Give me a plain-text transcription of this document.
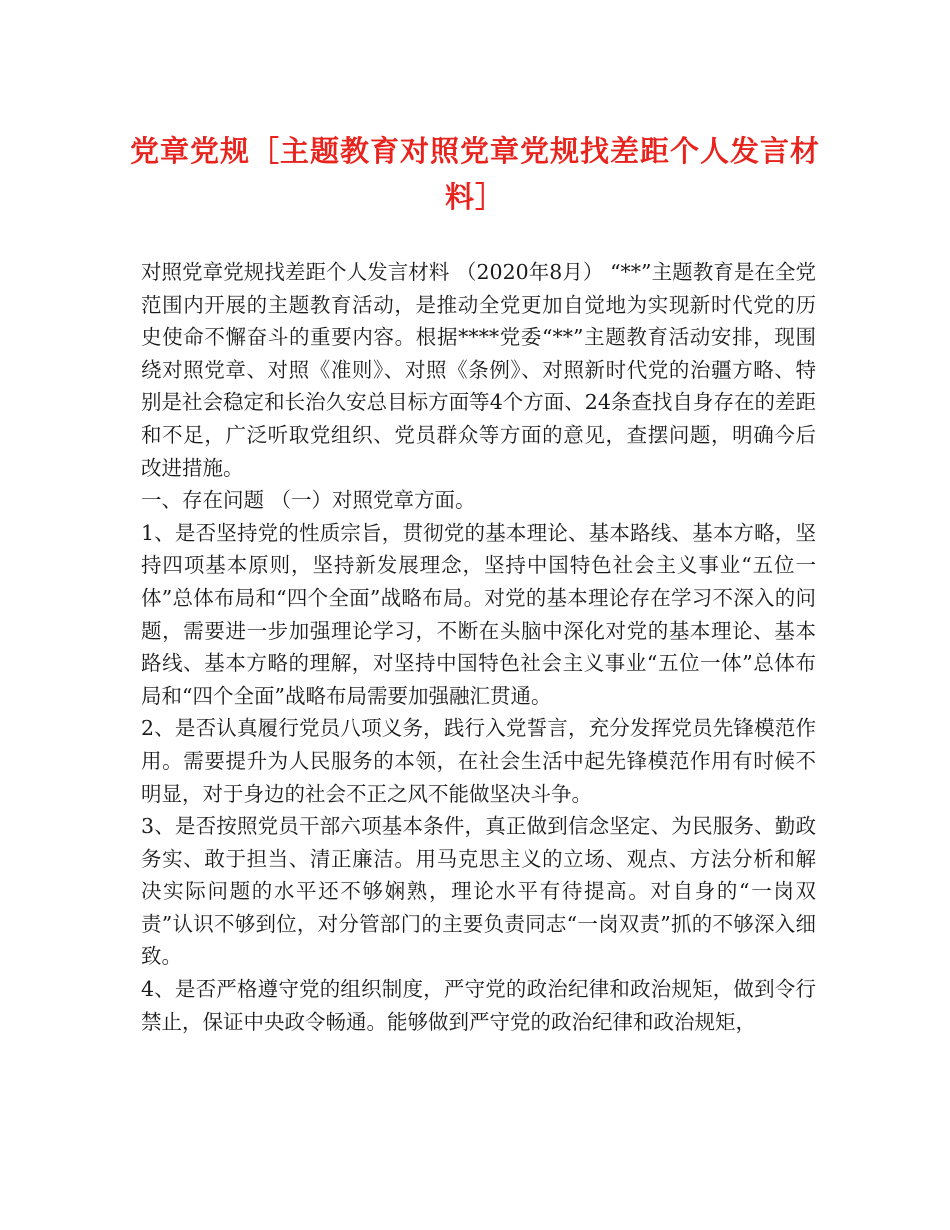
党章党规［主题教育对照党章党规找差距个人发言材料］

对照党章党规找差距个人发言材料 （2020年8月） “**”主题教育是在全党范围内开展的主题教育活动，是推动全党更加自觉地为实现新时代党的历史使命不懈奋斗的重要内容。根据****党委“**”主题教育活动安排，现围绕对照党章、对照《准则》、对照《条例》、对照新时代党的治疆方略、特别是社会稳定和长治久安总目标方面等4个方面、24条查找自身存在的差距和不足，广泛听取党组织、党员群众等方面的意见，查摆问题，明确今后改进措施。

一、存在问题 （一）对照党章方面。

1、是否坚持党的性质宗旨，贯彻党的基本理论、基本路线、基本方略，坚持四项基本原则，坚持新发展理念，坚持中国特色社会主义事业“五位一体”总体布局和“四个全面”战略布局。对党的基本理论存在学习不深入的问题，需要进一步加强理论学习，不断在头脑中深化对党的基本理论、基本路线、基本方略的理解，对坚持中国特色社会主义事业“五位一体”总体布局和“四个全面”战略布局需要加强融汇贯通。

2、是否认真履行党员八项义务，践行入党誓言，充分发挥党员先锋模范作用。需要提升为人民服务的本领，在社会生活中起先锋模范作用有时候不明显，对于身边的社会不正之风不能做坚决斗争。

3、是否按照党员干部六项基本条件，真正做到信念坚定、为民服务、勤政务实、敢于担当、清正廉洁。用马克思主义的立场、观点、方法分析和解决实际问题的水平还不够娴熟，理论水平有待提高。对自身的“一岗双责”认识不够到位，对分管部门的主要负责同志“一岗双责”抓的不够深入细致。

4、是否严格遵守党的组织制度，严守党的政治纪律和政治规矩，做到令行禁止，保证中央政令畅通。能够做到严守党的政治纪律和政治规矩，
